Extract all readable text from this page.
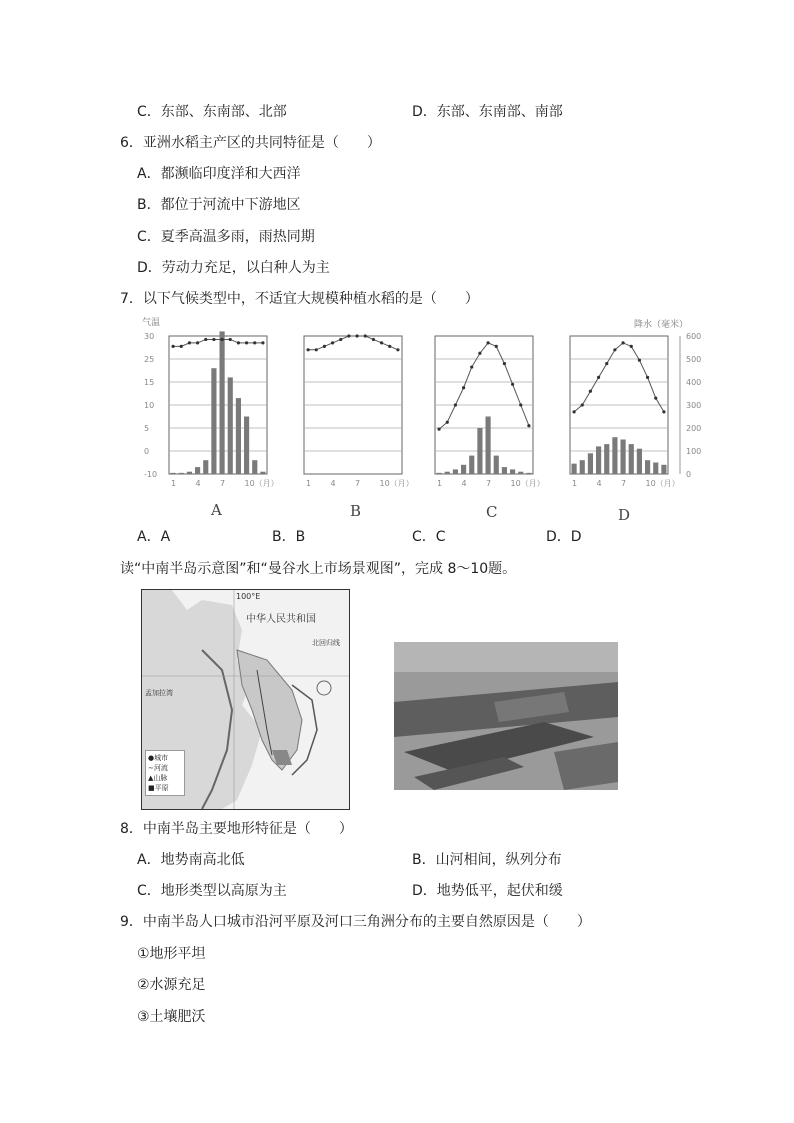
C．东部、东南部、北部	D．东部、东南部、南部
6．亚洲水稻主产区的共同特征是（　　）
A．都濒临印度洋和大西洋
B．都位于河流中下游地区
C．夏季高温多雨，雨热同期
D．劳动力充足，以白种人为主
7．以下气候类型中，不适宜大规模种植水稻的是（　　）
气温	降水（毫米）
30
25
15
10
5
0
-10
600
500
400
300
200
100
0
1 4 7 10（月）	1 4 7 10（月）	1 4 7 10（月）	1 4 7 10（月）
A	B	C	D
A．A	B．B	C．C	D．D
读“中南半岛示意图”和“曼谷水上市场景观图”，完成 8～10题。
100°E
中华人民共和国
北回归线
孟加拉湾
●城市
∼河流
▲山脉
■平原
8．中南半岛主要地形特征是（　　）
A．地势南高北低	B．山河相间，纵列分布
C．地形类型以高原为主	D．地势低平，起伏和缓
9．中南半岛人口城市沿河平原及河口三角洲分布的主要自然原因是（　　）
①地形平坦
②水源充足
③土壤肥沃
